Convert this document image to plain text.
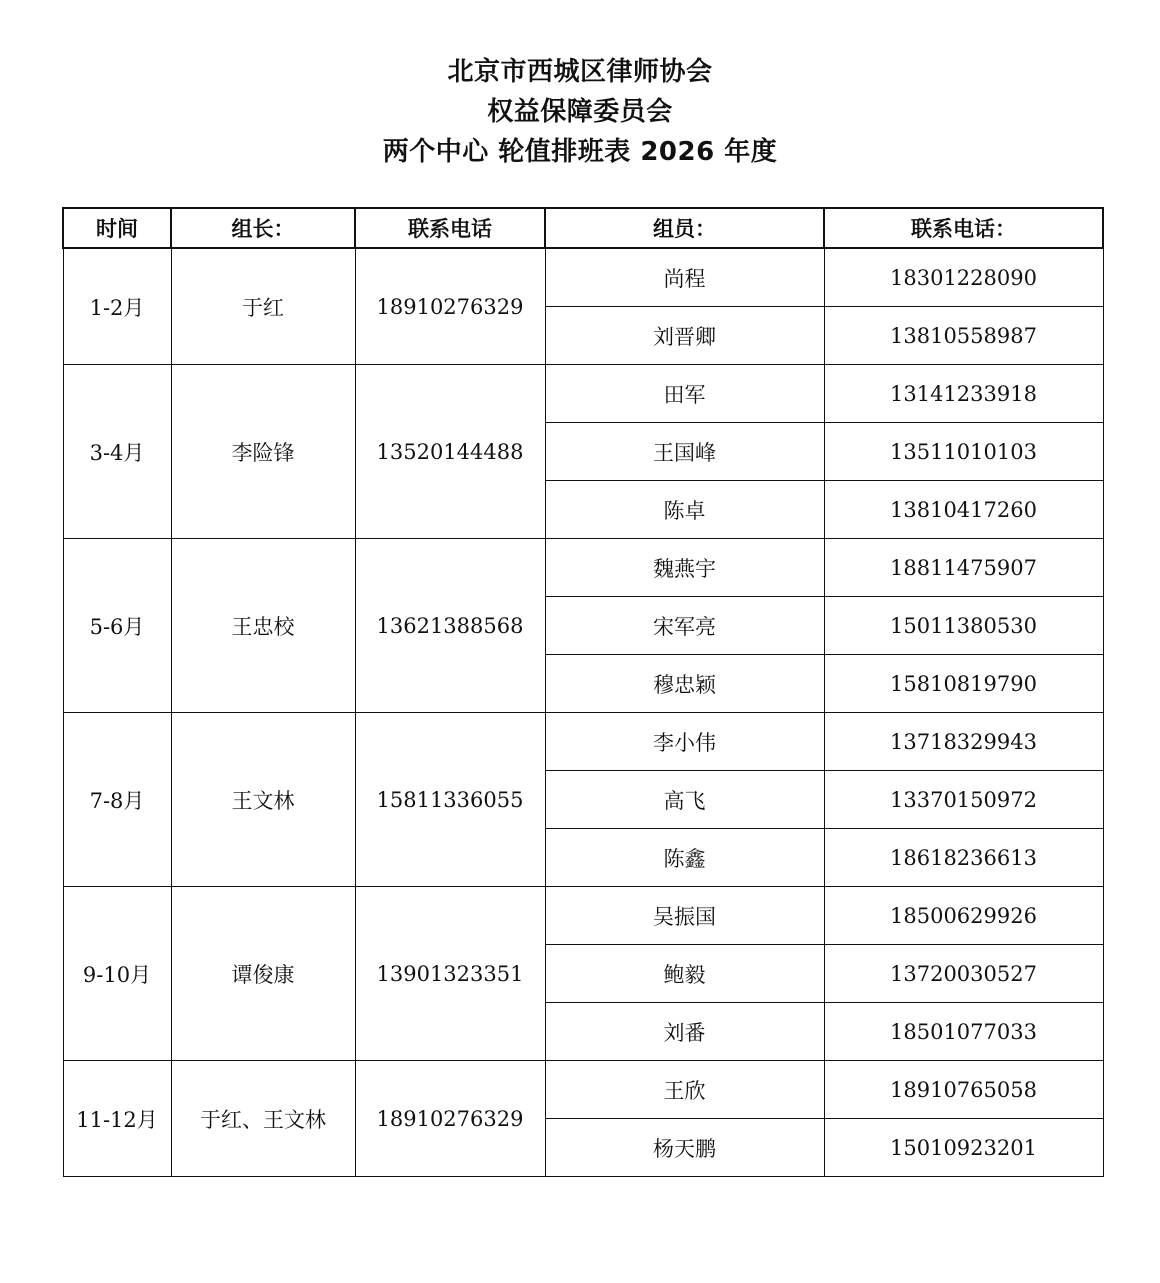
北京市西城区律师协会
权益保障委员会
两个中心 轮值排班表 2026 年度
时间	组长：	联系电话	组员：	联系电话：
1-2月	于红	18910276329	尚程	18301228090
			刘晋卿	13810558987
3-4月	李险锋	13520144488	田军	13141233918
			王国峰	13511010103
			陈卓	13810417260
5-6月	王忠校	13621388568	魏燕宇	18811475907
			宋军亮	15011380530
			穆忠颖	15810819790
7-8月	王文林	15811336055	李小伟	13718329943
			高飞	13370150972
			陈鑫	18618236613
9-10月	谭俊康	13901323351	吴振国	18500629926
			鲍毅	13720030527
			刘番	18501077033
11-12月	于红、王文林	18910276329	王欣	18910765058
			杨天鹏	15010923201
